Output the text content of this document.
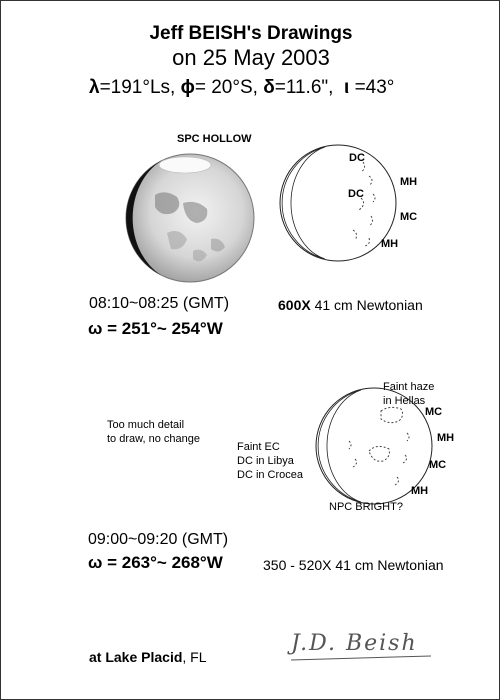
Jeff BEISH's Drawings
on 25 May 2003
λ=191°Ls, ϕ= 20°S, δ=11.6", ι =43°
SPC HOLLOW
DC
DC
MH
MC
MH
08:10~08:25 (GMT)
ω = 251°~ 254°W
600X 41 cm Newtonian
Faint haze
in Hellas
Too much detail
to draw, no change
Faint EC
DC in Libya
DC in Crocea
MC
MH
MC
MH
NPC BRIGHT?
09:00~09:20 (GMT)
ω = 263°~ 268°W	350 - 520X 41 cm Newtonian
at Lake Placid, FL
J.D. Beish
